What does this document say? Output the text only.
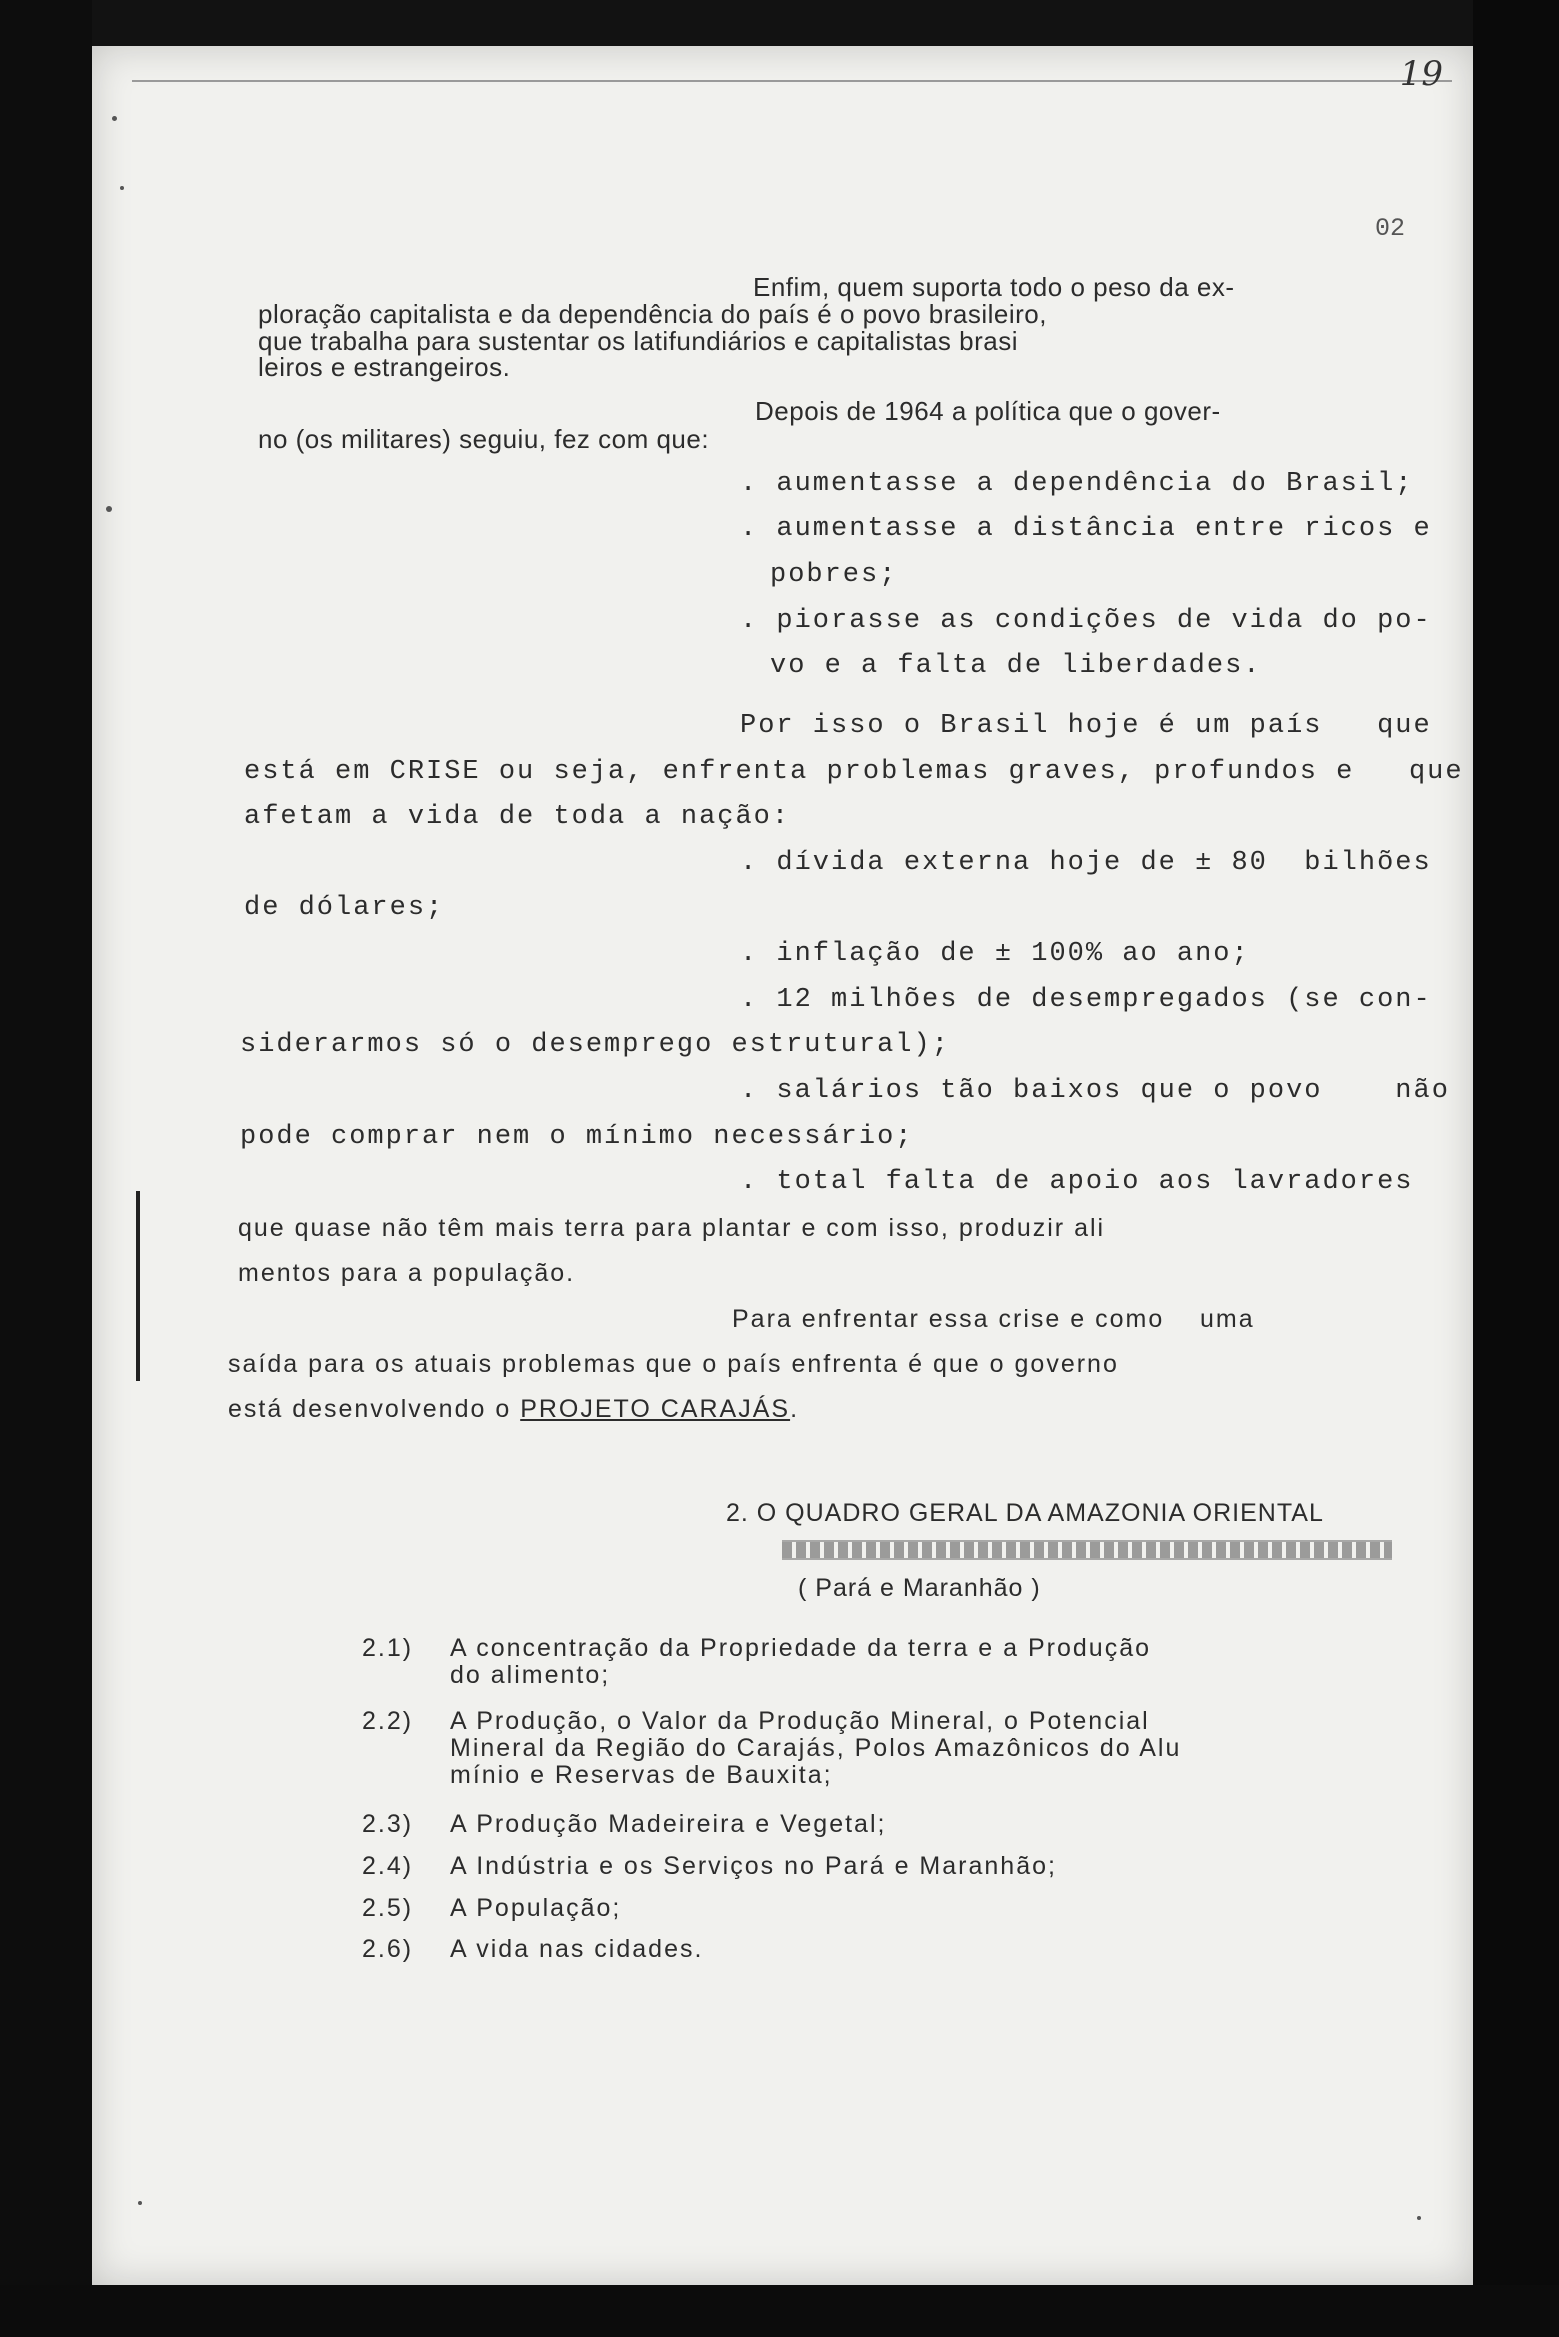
19
02
Enfim, quem suporta todo o peso da ex-
ploração capitalista e da dependência do país é o povo brasileiro,
que trabalha para sustentar os latifundiários e capitalistas brasi
leiros e estrangeiros.
Depois de 1964 a política que o gover-
no (os militares) seguiu, fez com que:
. aumentasse a dependência do Brasil;
. aumentasse a distância entre ricos e
pobres;
. piorasse as condições de vida do po-
vo e a falta de liberdades.
Por isso o Brasil hoje é um país   que
está em CRISE ou seja, enfrenta problemas graves, profundos e   que
afetam a vida de toda a nação:
. dívida externa hoje de ± 80  bilhões
de dólares;
. inflação de ± 100% ao ano;
. 12 milhões de desempregados (se con-
siderarmos só o desemprego estrutural);
. salários tão baixos que o povo    não
pode comprar nem o mínimo necessário;
. total falta de apoio aos lavradores
que quase não têm mais terra para plantar e com isso, produzir ali
mentos para a população.
Para enfrentar essa crise e como    uma
saída para os atuais problemas que o país enfrenta é que o governo
está desenvolvendo o PROJETO CARAJÁS.
2. O QUADRO GERAL DA AMAZONIA ORIENTAL
( Pará e Maranhão )
2.1) A concentração da Propriedade da terra e a Produção
do alimento;
2.2) A Produção, o Valor da Produção Mineral, o Potencial
Mineral da Região do Carajás, Polos Amazônicos do Alu
mínio e Reservas de Bauxita;
2.3) A Produção Madeireira e Vegetal;
2.4) A Indústria e os Serviços no Pará e Maranhão;
2.5) A População;
2.6) A vida nas cidades.
